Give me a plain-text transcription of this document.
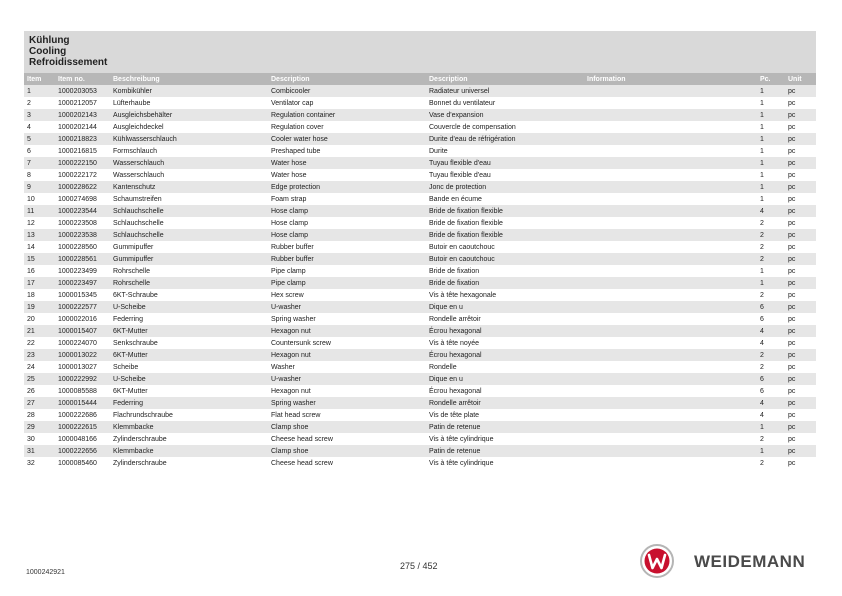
Kühlung
Cooling
Refroidissement
Item	Item no.	Beschreibung	Description	Description	Information	Pc.	Unit
1	1000203053	Kombikühler	Combicooler	Radiateur universel		1	pc
2	1000212057	Lüfterhaube	Ventilator cap	Bonnet du ventilateur		1	pc
3	1000202143	Ausgleichsbehälter	Regulation container	Vase d'expansion		1	pc
4	1000202144	Ausgleichdeckel	Regulation cover	Couvercle de compensation		1	pc
5	1000218823	Kühlwasserschlauch	Cooler water hose	Durite d'eau de réfrigération		1	pc
6	1000216815	Formschlauch	Preshaped tube	Durite		1	pc
7	1000222150	Wasserschlauch	Water hose	Tuyau flexible d'eau		1	pc
8	1000222172	Wasserschlauch	Water hose	Tuyau flexible d'eau		1	pc
9	1000228622	Kantenschutz	Edge protection	Jonc de protection		1	pc
10	1000274698	Schaumstreifen	Foam strap	Bande en écume		1	pc
11	1000223544	Schlauchschelle	Hose clamp	Bride de fixation flexible		4	pc
12	1000223508	Schlauchschelle	Hose clamp	Bride de fixation flexible		2	pc
13	1000223538	Schlauchschelle	Hose clamp	Bride de fixation flexible		2	pc
14	1000228560	Gummipuffer	Rubber buffer	Butoir en caoutchouc		2	pc
15	1000228561	Gummipuffer	Rubber buffer	Butoir en caoutchouc		2	pc
16	1000223499	Rohrschelle	Pipe clamp	Bride de fixation		1	pc
17	1000223497	Rohrschelle	Pipe clamp	Bride de fixation		1	pc
18	1000015345	6KT-Schraube	Hex screw	Vis à tête hexagonale		2	pc
19	1000222577	U-Scheibe	U-washer	Dique en u		6	pc
20	1000022016	Federring	Spring washer	Rondelle arrêtoir		6	pc
21	1000015407	6KT-Mutter	Hexagon nut	Écrou hexagonal		4	pc
22	1000224070	Senkschraube	Countersunk screw	Vis à tête noyée		4	pc
23	1000013022	6KT-Mutter	Hexagon nut	Écrou hexagonal		2	pc
24	1000013027	Scheibe	Washer	Rondelle		2	pc
25	1000222992	U-Scheibe	U-washer	Dique en u		6	pc
26	1000085588	6KT-Mutter	Hexagon nut	Écrou hexagonal		6	pc
27	1000015444	Federring	Spring washer	Rondelle arrêtoir		4	pc
28	1000222686	Flachrundschraube	Flat head screw	Vis de tête plate		4	pc
29	1000222615	Klemmbacke	Clamp shoe	Patin de retenue		1	pc
30	1000048166	Zylinderschraube	Cheese head screw	Vis à tête cylindrique		2	pc
31	1000222656	Klemmbacke	Clamp shoe	Patin de retenue		1	pc
32	1000085460	Zylinderschraube	Cheese head screw	Vis à tête cylindrique		2	pc
1000242921
275 / 452	WEIDEMANN
